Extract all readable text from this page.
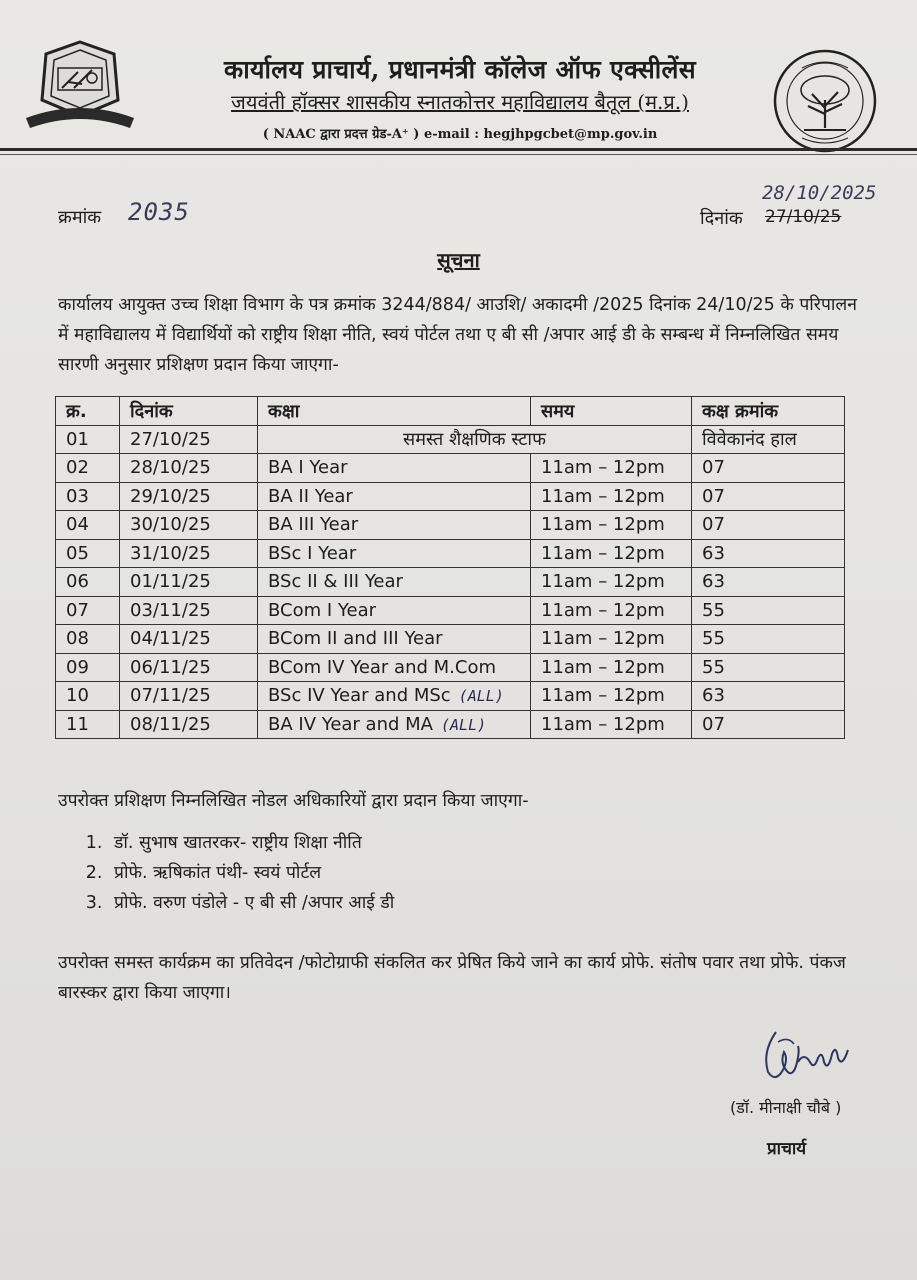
कार्यालय प्राचार्य, प्रधानमंत्री कॉलेज ऑफ एक्सीलेंस
जयवंती हॉक्सर शासकीय स्नातकोत्तर महाविद्यालय बैतूल (म.प्र.)
( NAAC द्वारा प्रदत्त ग्रेड-A⁺ ) e-mail : hegjhpgcbet@mp.gov.in
क्रमांक 2035
28/10/2025
दिनांक 27/10/25
सूचना
कार्यालय आयुक्त उच्च शिक्षा विभाग के पत्र क्रमांक 3244/884/ आउशि/ अकादमी /2025 दिनांक 24/10/25 के परिपालन में महाविद्यालय में विद्यार्थियों को राष्ट्रीय शिक्षा नीति, स्वयं पोर्टल तथा ए बी सी /अपार आई डी के सम्बन्ध में निम्नलिखित समय सारणी अनुसार प्रशिक्षण प्रदान किया जाएगा-
क्र.	दिनांक	कक्षा	समय	कक्ष क्रमांक
01	27/10/25	समस्त शैक्षणिक स्टाफ		विवेकानंद हाल
02	28/10/25	BA I Year	11am – 12pm	07
03	29/10/25	BA II Year	11am – 12pm	07
04	30/10/25	BA III Year	11am – 12pm	07
05	31/10/25	BSc I Year	11am – 12pm	63
06	01/11/25	BSc II & III Year	11am – 12pm	63
07	03/11/25	BCom I Year	11am – 12pm	55
08	04/11/25	BCom II and III Year	11am – 12pm	55
09	06/11/25	BCom IV Year and M.Com	11am – 12pm	55
10	07/11/25	BSc IV Year and MSc (ALL)	11am – 12pm	63
11	08/11/25	BA IV Year and MA (ALL)	11am – 12pm	07
उपरोक्त प्रशिक्षण निम्नलिखित नोडल अधिकारियों द्वारा प्रदान किया जाएगा-
1. डॉ. सुभाष खातरकर- राष्ट्रीय शिक्षा नीति
2. प्रोफे. ऋषिकांत पंथी- स्वयं पोर्टल
3. प्रोफे. वरुण पंडोले - ए बी सी /अपार आई डी
उपरोक्त समस्त कार्यक्रम का प्रतिवेदन /फोटोग्राफी संकलित कर प्रेषित किये जाने का कार्य प्रोफे. संतोष पवार तथा प्रोफे. पंकज बारस्कर द्वारा किया जाएगा।
(डॉ. मीनाक्षी चौबे )
प्राचार्य
